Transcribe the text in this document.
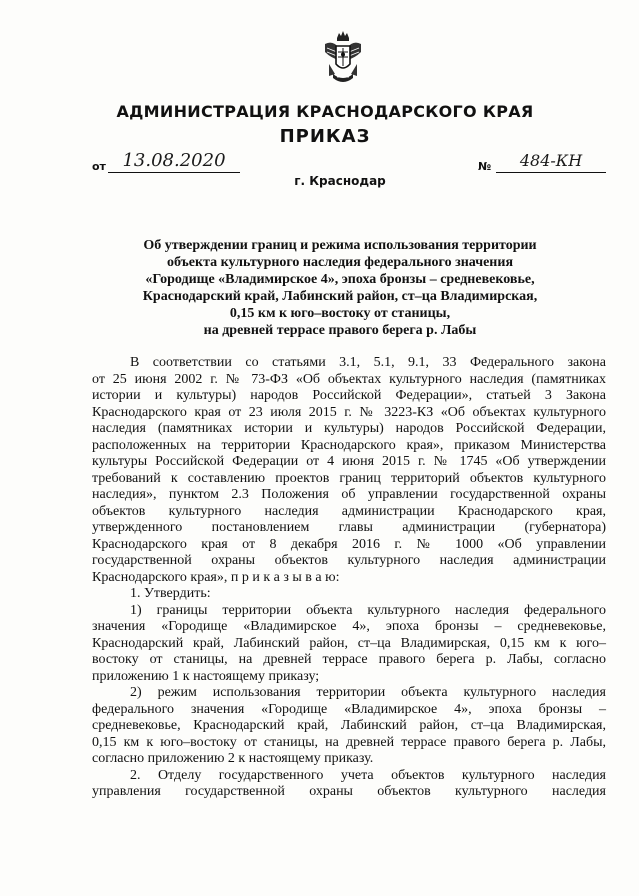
АДМИНИСТРАЦИЯ КРАСНОДАРСКОГО КРАЯ
ПРИКАЗ
от 13.08.2020	№	484-КН
г. Краснодар
Об утверждении границ и режима использования территории
объекта культурного наследия федерального значения
«Городище «Владимирское 4», эпоха бронзы – средневековье,
Краснодарский край, Лабинский район, ст–ца Владимирская,
0,15 км к юго–востоку от станицы,
на древней террасе правого берега р. Лабы
В соответствии со статьями 3.1, 5.1, 9.1, 33 Федерального закона
от 25 июня 2002 г. № 73-ФЗ «Об объектах культурного наследия (памятниках
истории и культуры) народов Российской Федерации», статьей 3 Закона
Краснодарского края от 23 июля 2015 г. № 3223-КЗ «Об объектах культурного
наследия (памятниках истории и культуры) народов Российской Федерации,
расположенных на территории Краснодарского края», приказом Министерства
культуры Российской Федерации от 4 июня 2015 г. № 1745 «Об утверждении
требований к составлению проектов границ территорий объектов культурного
наследия», пунктом 2.3 Положения об управлении государственной охраны
объектов культурного наследия администрации Краснодарского края,
утвержденного постановлением главы администрации (губернатора)
Краснодарского края от 8 декабря 2016 г. № 1000 «Об управлении
государственной охраны объектов культурного наследия администрации
Краснодарского края», п р и к а з ы в а ю:
1. Утвердить:
1) границы территории объекта культурного наследия федерального
значения «Городище «Владимирское 4», эпоха бронзы – средневековье,
Краснодарский край, Лабинский район, ст–ца Владимирская, 0,15 км к юго–
востоку от станицы, на древней террасе правого берега р. Лабы, согласно
приложению 1 к настоящему приказу;
2) режим использования территории объекта культурного наследия
федерального значения «Городище «Владимирское 4», эпоха бронзы –
средневековье, Краснодарский край, Лабинский район, ст–ца Владимирская,
0,15 км к юго–востоку от станицы, на древней террасе правого берега р. Лабы,
согласно приложению 2 к настоящему приказу.
2. Отделу государственного учета объектов культурного наследия
управления государственной охраны объектов культурного наследия
